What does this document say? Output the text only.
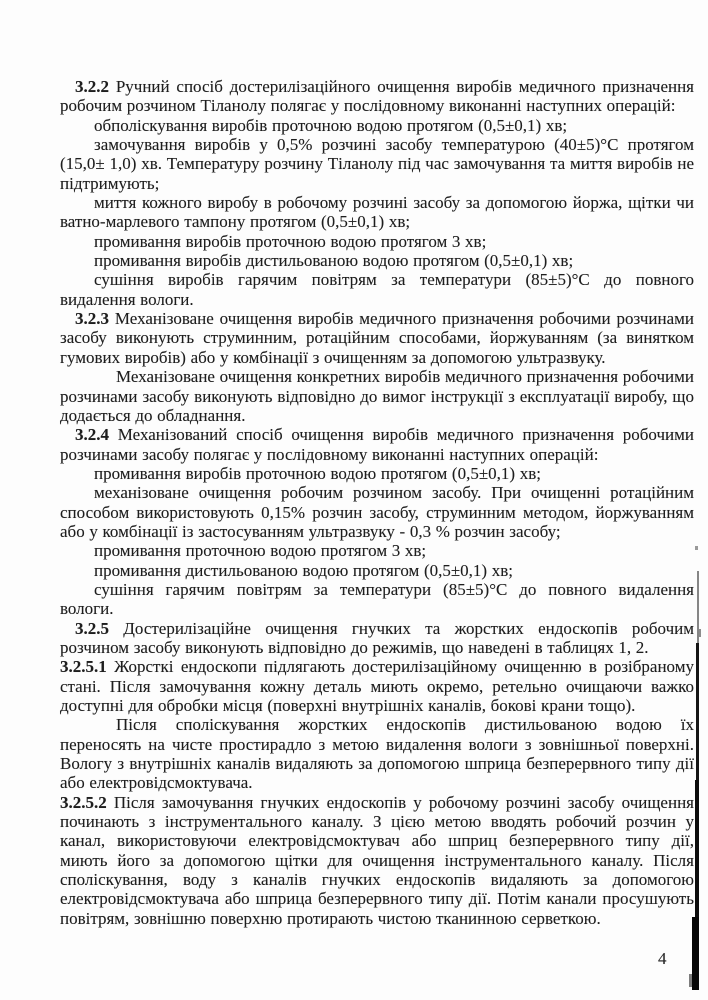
3.2.2 Ручний спосіб достерилізаційного очищення виробів медичного призначення робочим розчином Тіланолу полягає у послідовному виконанні наступних операцій:

обполіскування виробів проточною водою протягом (0,5±0,1) хв;

замочування виробів у 0,5% розчині засобу температурою (40±5)°С протягом (15,0± 1,0) хв. Температуру розчину Тіланолу під час замочування та миття виробів не підтримують;

миття кожного виробу в робочому розчині засобу за допомогою йоржа, щітки чи ватно-марлевого тампону протягом (0,5±0,1) хв;

промивання виробів проточною водою протягом 3 хв;

промивання виробів дистильованою водою протягом (0,5±0,1) хв;

сушіння виробів гарячим повітрям за температури (85±5)°С до повного видалення вологи.

3.2.3 Механізоване очищення виробів медичного призначення робочими розчинами засобу виконують струминним, ротаційним способами, йоржуванням (за винятком гумових виробів) або у комбінації з очищенням за допомогою ультразвуку.

Механізоване очищення конкретних виробів медичного призначення робочими розчинами засобу виконують відповідно до вимог інструкції з експлуатації виробу, що додається до обладнання.

3.2.4 Механізований спосіб очищення виробів медичного призначення робочими розчинами засобу полягає у послідовному виконанні наступних операцій:

промивання виробів проточною водою протягом (0,5±0,1) хв;

механізоване очищення робочим розчином засобу. При очищенні ротаційним способом використовують 0,15% розчин засобу, струминним методом, йоржуванням або у комбінації із застосуванням ультразвуку - 0,3 % розчин засобу;

промивання проточною водою протягом 3 хв;

промивання дистильованою водою протягом (0,5±0,1) хв;

сушіння гарячим повітрям за температури (85±5)°С до повного видалення вологи.

3.2.5 Достерилізаційне очищення гнучких та жорстких ендоскопів робочим розчином засобу виконують відповідно до режимів, що наведені в таблицях 1, 2.

3.2.5.1 Жорсткі ендоскопи підлягають достерилізаційному очищенню в розібраному стані. Після замочування кожну деталь миють окремо, ретельно очищаючи важко доступні для обробки місця (поверхні внутрішніх каналів, бокові крани тощо).

Після споліскування жорстких ендоскопів дистильованою водою їх переносять на чисте простирадло з метою видалення вологи з зовнішньої поверхні. Вологу з внутрішніх каналів видаляють за допомогою шприца безперервного типу дії або електровідсмоктувача.

3.2.5.2 Після замочування гнучких ендоскопів у робочому розчині засобу очищення починають з інструментального каналу. З цією метою вводять робочий розчин у канал, використовуючи електровідсмоктувач або шприц безперервного типу дії, миють його за допомогою щітки для очищення інструментального каналу. Після споліскування, воду з каналів гнучких ендоскопів видаляють за допомогою електровідсмоктувача або шприца безперервного типу дії. Потім канали просушують повітрям, зовнішню поверхню протирають чистою тканинною серветкою.

4
